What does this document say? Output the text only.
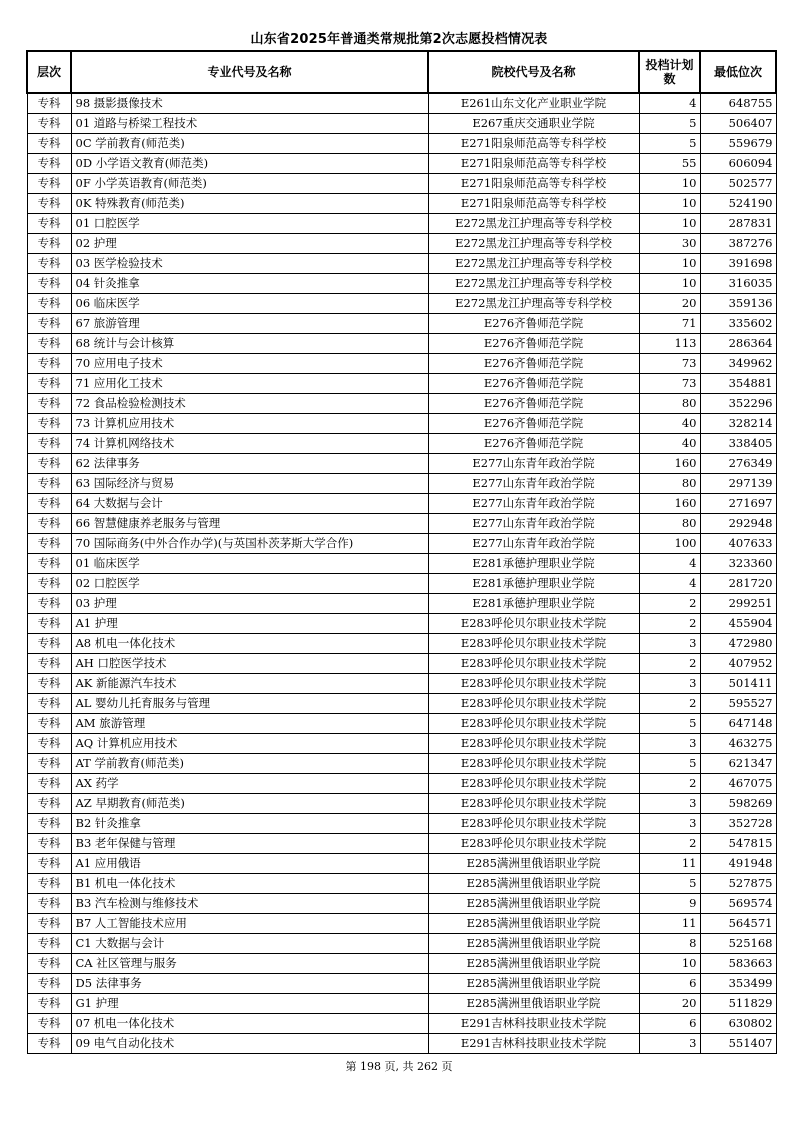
山东省2025年普通类常规批第2次志愿投档情况表
层次	专业代号及名称	院校代号及名称	投档计划数	最低位次
专科	98 摄影摄像技术	E261山东文化产业职业学院	4	648755
专科	01 道路与桥梁工程技术	E267重庆交通职业学院	5	506407
专科	0C 学前教育(师范类)	E271阳泉师范高等专科学校	5	559679
专科	0D 小学语文教育(师范类)	E271阳泉师范高等专科学校	55	606094
专科	0F 小学英语教育(师范类)	E271阳泉师范高等专科学校	10	502577
专科	0K 特殊教育(师范类)	E271阳泉师范高等专科学校	10	524190
专科	01 口腔医学	E272黑龙江护理高等专科学校	10	287831
专科	02 护理	E272黑龙江护理高等专科学校	30	387276
专科	03 医学检验技术	E272黑龙江护理高等专科学校	10	391698
专科	04 针灸推拿	E272黑龙江护理高等专科学校	10	316035
专科	06 临床医学	E272黑龙江护理高等专科学校	20	359136
专科	67 旅游管理	E276齐鲁师范学院	71	335602
专科	68 统计与会计核算	E276齐鲁师范学院	113	286364
专科	70 应用电子技术	E276齐鲁师范学院	73	349962
专科	71 应用化工技术	E276齐鲁师范学院	73	354881
专科	72 食品检验检测技术	E276齐鲁师范学院	80	352296
专科	73 计算机应用技术	E276齐鲁师范学院	40	328214
专科	74 计算机网络技术	E276齐鲁师范学院	40	338405
专科	62 法律事务	E277山东青年政治学院	160	276349
专科	63 国际经济与贸易	E277山东青年政治学院	80	297139
专科	64 大数据与会计	E277山东青年政治学院	160	271697
专科	66 智慧健康养老服务与管理	E277山东青年政治学院	80	292948
专科	70 国际商务(中外合作办学)(与英国朴茨茅斯大学合作)	E277山东青年政治学院	100	407633
专科	01 临床医学	E281承德护理职业学院	4	323360
专科	02 口腔医学	E281承德护理职业学院	4	281720
专科	03 护理	E281承德护理职业学院	2	299251
专科	A1 护理	E283呼伦贝尔职业技术学院	2	455904
专科	A8 机电一体化技术	E283呼伦贝尔职业技术学院	3	472980
专科	AH 口腔医学技术	E283呼伦贝尔职业技术学院	2	407952
专科	AK 新能源汽车技术	E283呼伦贝尔职业技术学院	3	501411
专科	AL 婴幼儿托育服务与管理	E283呼伦贝尔职业技术学院	2	595527
专科	AM 旅游管理	E283呼伦贝尔职业技术学院	5	647148
专科	AQ 计算机应用技术	E283呼伦贝尔职业技术学院	3	463275
专科	AT 学前教育(师范类)	E283呼伦贝尔职业技术学院	5	621347
专科	AX 药学	E283呼伦贝尔职业技术学院	2	467075
专科	AZ 早期教育(师范类)	E283呼伦贝尔职业技术学院	3	598269
专科	B2 针灸推拿	E283呼伦贝尔职业技术学院	3	352728
专科	B3 老年保健与管理	E283呼伦贝尔职业技术学院	2	547815
专科	A1 应用俄语	E285满洲里俄语职业学院	11	491948
专科	B1 机电一体化技术	E285满洲里俄语职业学院	5	527875
专科	B3 汽车检测与维修技术	E285满洲里俄语职业学院	9	569574
专科	B7 人工智能技术应用	E285满洲里俄语职业学院	11	564571
专科	C1 大数据与会计	E285满洲里俄语职业学院	8	525168
专科	CA 社区管理与服务	E285满洲里俄语职业学院	10	583663
专科	D5 法律事务	E285满洲里俄语职业学院	6	353499
专科	G1 护理	E285满洲里俄语职业学院	20	511829
专科	07 机电一体化技术	E291吉林科技职业技术学院	6	630802
专科	09 电气自动化技术	E291吉林科技职业技术学院	3	551407
第 198 页, 共 262 页
